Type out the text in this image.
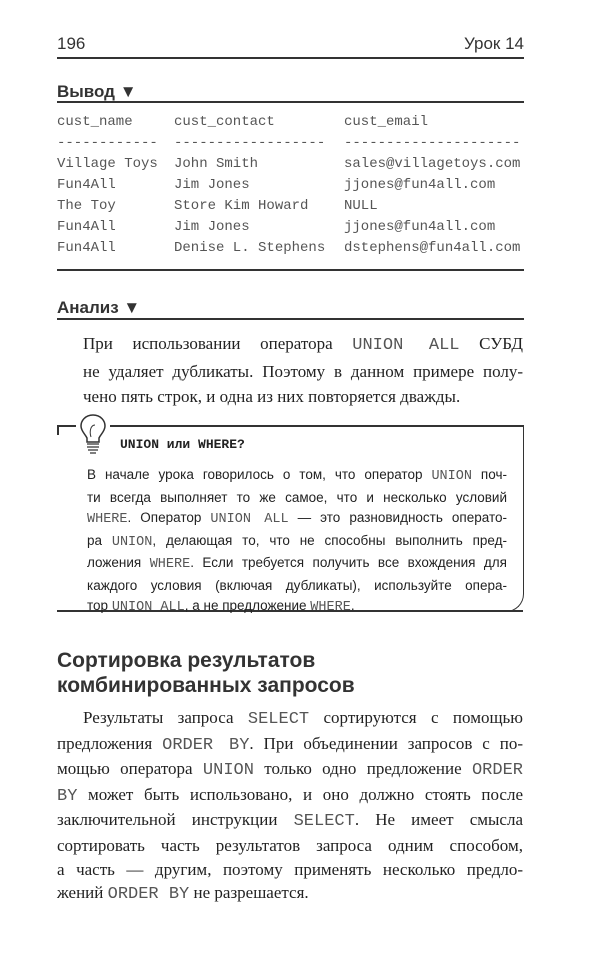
196	Урок 14
Вывод ▼
cust_name	cust_contact	cust_email
------------	------------------	---------------------
Village Toys	John Smith	sales@villagetoys.com
Fun4All	Jim Jones	jjones@fun4all.com
The Toy	Store Kim Howard	NULL
Fun4All	Jim Jones	jjones@fun4all.com
Fun4All	Denise L. Stephens	dstephens@fun4all.com
Анализ ▼
При использовании оператора UNION ALL СУБД
не удаляет дубликаты. Поэтому в данном примере полу-
чено пять строк, и одна из них повторяется дважды.
UNION или WHERE?
В начале урока говорилось о том, что оператор UNION поч-
ти всегда выполняет то же самое, что и несколько условий
WHERE. Оператор UNION ALL — это разновидность операто-
ра UNION, делающая то, что не способны выполнить пред-
ложения WHERE. Если требуется получить все вхождения для
каждого условия (включая дубликаты), используйте опера-
тор UNION ALL, а не предложение WHERE.
Сортировка результатов
комбинированных запросов
Результаты запроса SELECT сортируются с помощью
предложения ORDER BY. При объединении запросов с по-
мощью оператора UNION только одно предложение ORDER
BY может быть использовано, и оно должно стоять после
заключительной инструкции SELECT. Не имеет смысла
сортировать часть результатов запроса одним способом,
а часть — другим, поэтому применять несколько предло-
жений ORDER BY не разрешается.
